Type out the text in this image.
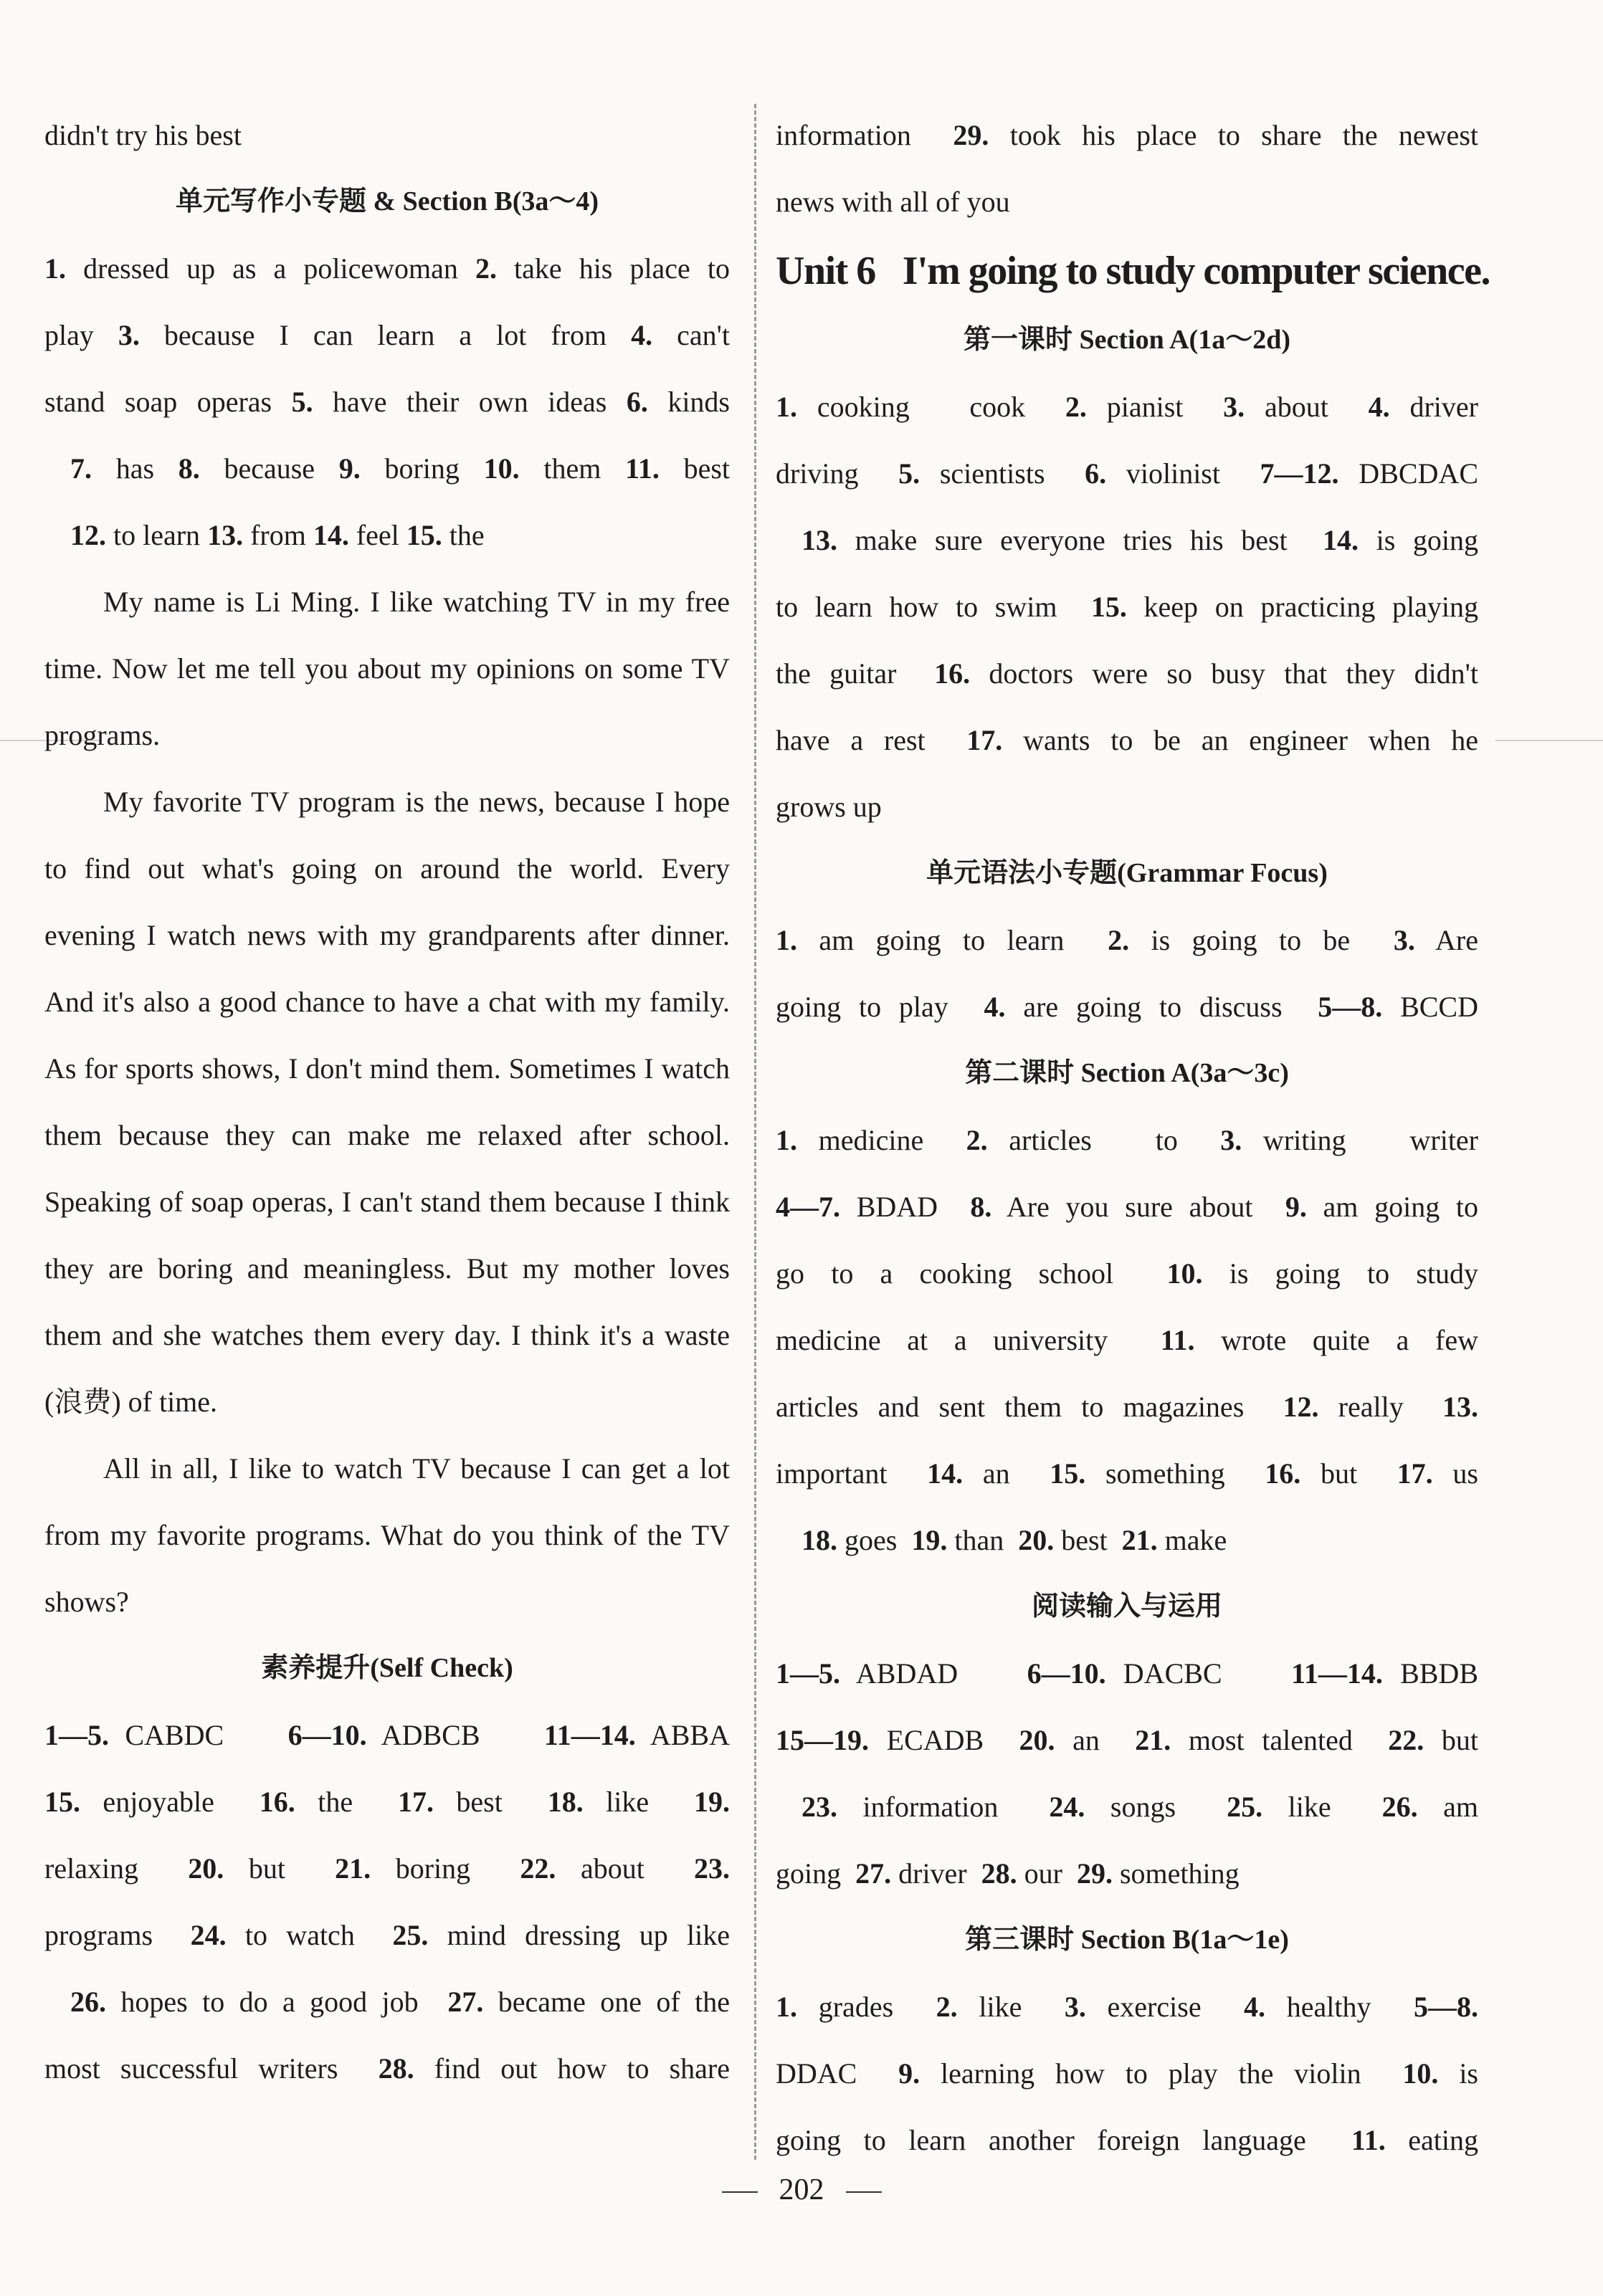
didn't try his best
单元写作小专题 & Section B(3a～4)
1. dressed up as a policewoman 2. take his place to
play 3. because I can learn a lot from 4. can't
stand soap operas 5. have their own ideas 6. kinds
7. has 8. because 9. boring 10. them 11. best
12. to learn 13. from 14. feel 15. the

My name is Li Ming. I like watching TV in my free time. Now let me tell you about my opinions on some TV programs.

My favorite TV program is the news, because I hope to find out what's going on around the world. Every evening I watch news with my grandparents after dinner. And it's also a good chance to have a chat with my family. As for sports shows, I don't mind them. Sometimes I watch them because they can make me relaxed after school. Speaking of soap operas, I can't stand them because I think they are boring and meaningless. But my mother loves them and she watches them every day. I think it's a waste (浪费) of time.

All in all, I like to watch TV because I can get a lot from my favorite programs. What do you think of the TV shows?

素养提升(Self Check)
1—5. CABDC    6—10. ADBCB    11—14. ABBA
15. enjoyable  16. the  17. best  18. like  19.
relaxing  20. but  21. boring  22. about  23.
programs  24. to watch  25. mind dressing up like
26. hopes to do a good job  27. became one of the
most successful writers  28. find out how to share
information  29. took his place to share the newest
news with all of you
Unit 6 I'm going to study computer science.
第一课时 Section A(1a～2d)
1. cooking   cook  2. pianist  3. about  4. driver
driving  5. scientists  6. violinist  7—12. DBCDAC
13. make sure everyone tries his best  14. is going
to learn how to swim  15. keep on practicing playing
the guitar  16. doctors were so busy that they didn't
have a rest  17. wants to be an engineer when he
grows up
单元语法小专题(Grammar Focus)
1. am going to learn  2. is going to be  3. Are
going to play  4. are going to discuss  5—8. BCCD
第二课时 Section A(3a～3c)
1. medicine  2. articles   to  3. writing   writer
4—7. BDAD  8. Are you sure about  9. am going to
go to a cooking school  10. is going to study
medicine at a university  11. wrote quite a few
articles and sent them to magazines  12. really  13.
important  14. an  15. something  16. but  17. us
18. goes  19. than  20. best  21. make
阅读输入与运用
1—5. ABDAD    6—10. DACBC    11—14. BBDB
15—19. ECADB  20. an  21. most talented  22. but
23. information  24. songs  25. like  26. am
going  27. driver  28. our  29. something
第三课时 Section B(1a～1e)
1. grades  2. like  3. exercise  4. healthy  5—8.
DDAC  9. learning how to play the violin  10. is
going to learn another foreign language  11. eating
202
